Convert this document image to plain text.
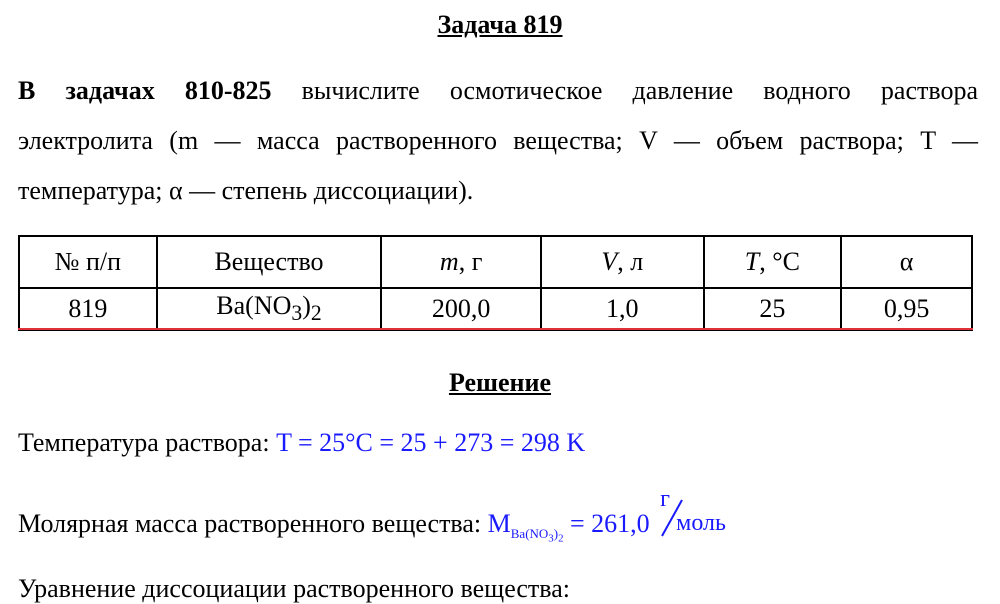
Задача 819
В задачах 810-825 вычислите осмотическое давление водного раствора
электролита (m — масса растворенного вещества; V — объем раствора; T —
температура; α — степень диссоциации).
№ п/п	Вещество	m, г	V, л	T, °С	α
819	$Ba(NO_3)_2$	200,0	1,0	25	0,95
Решение
Температура раствора: T = 25°C = 25 + 273 = 298 K
Молярная масса растворенного вещества: $M_{Ba(NO_3)_2} = 261,0$
г
моль
Уравнение диссоциации растворенного вещества:
